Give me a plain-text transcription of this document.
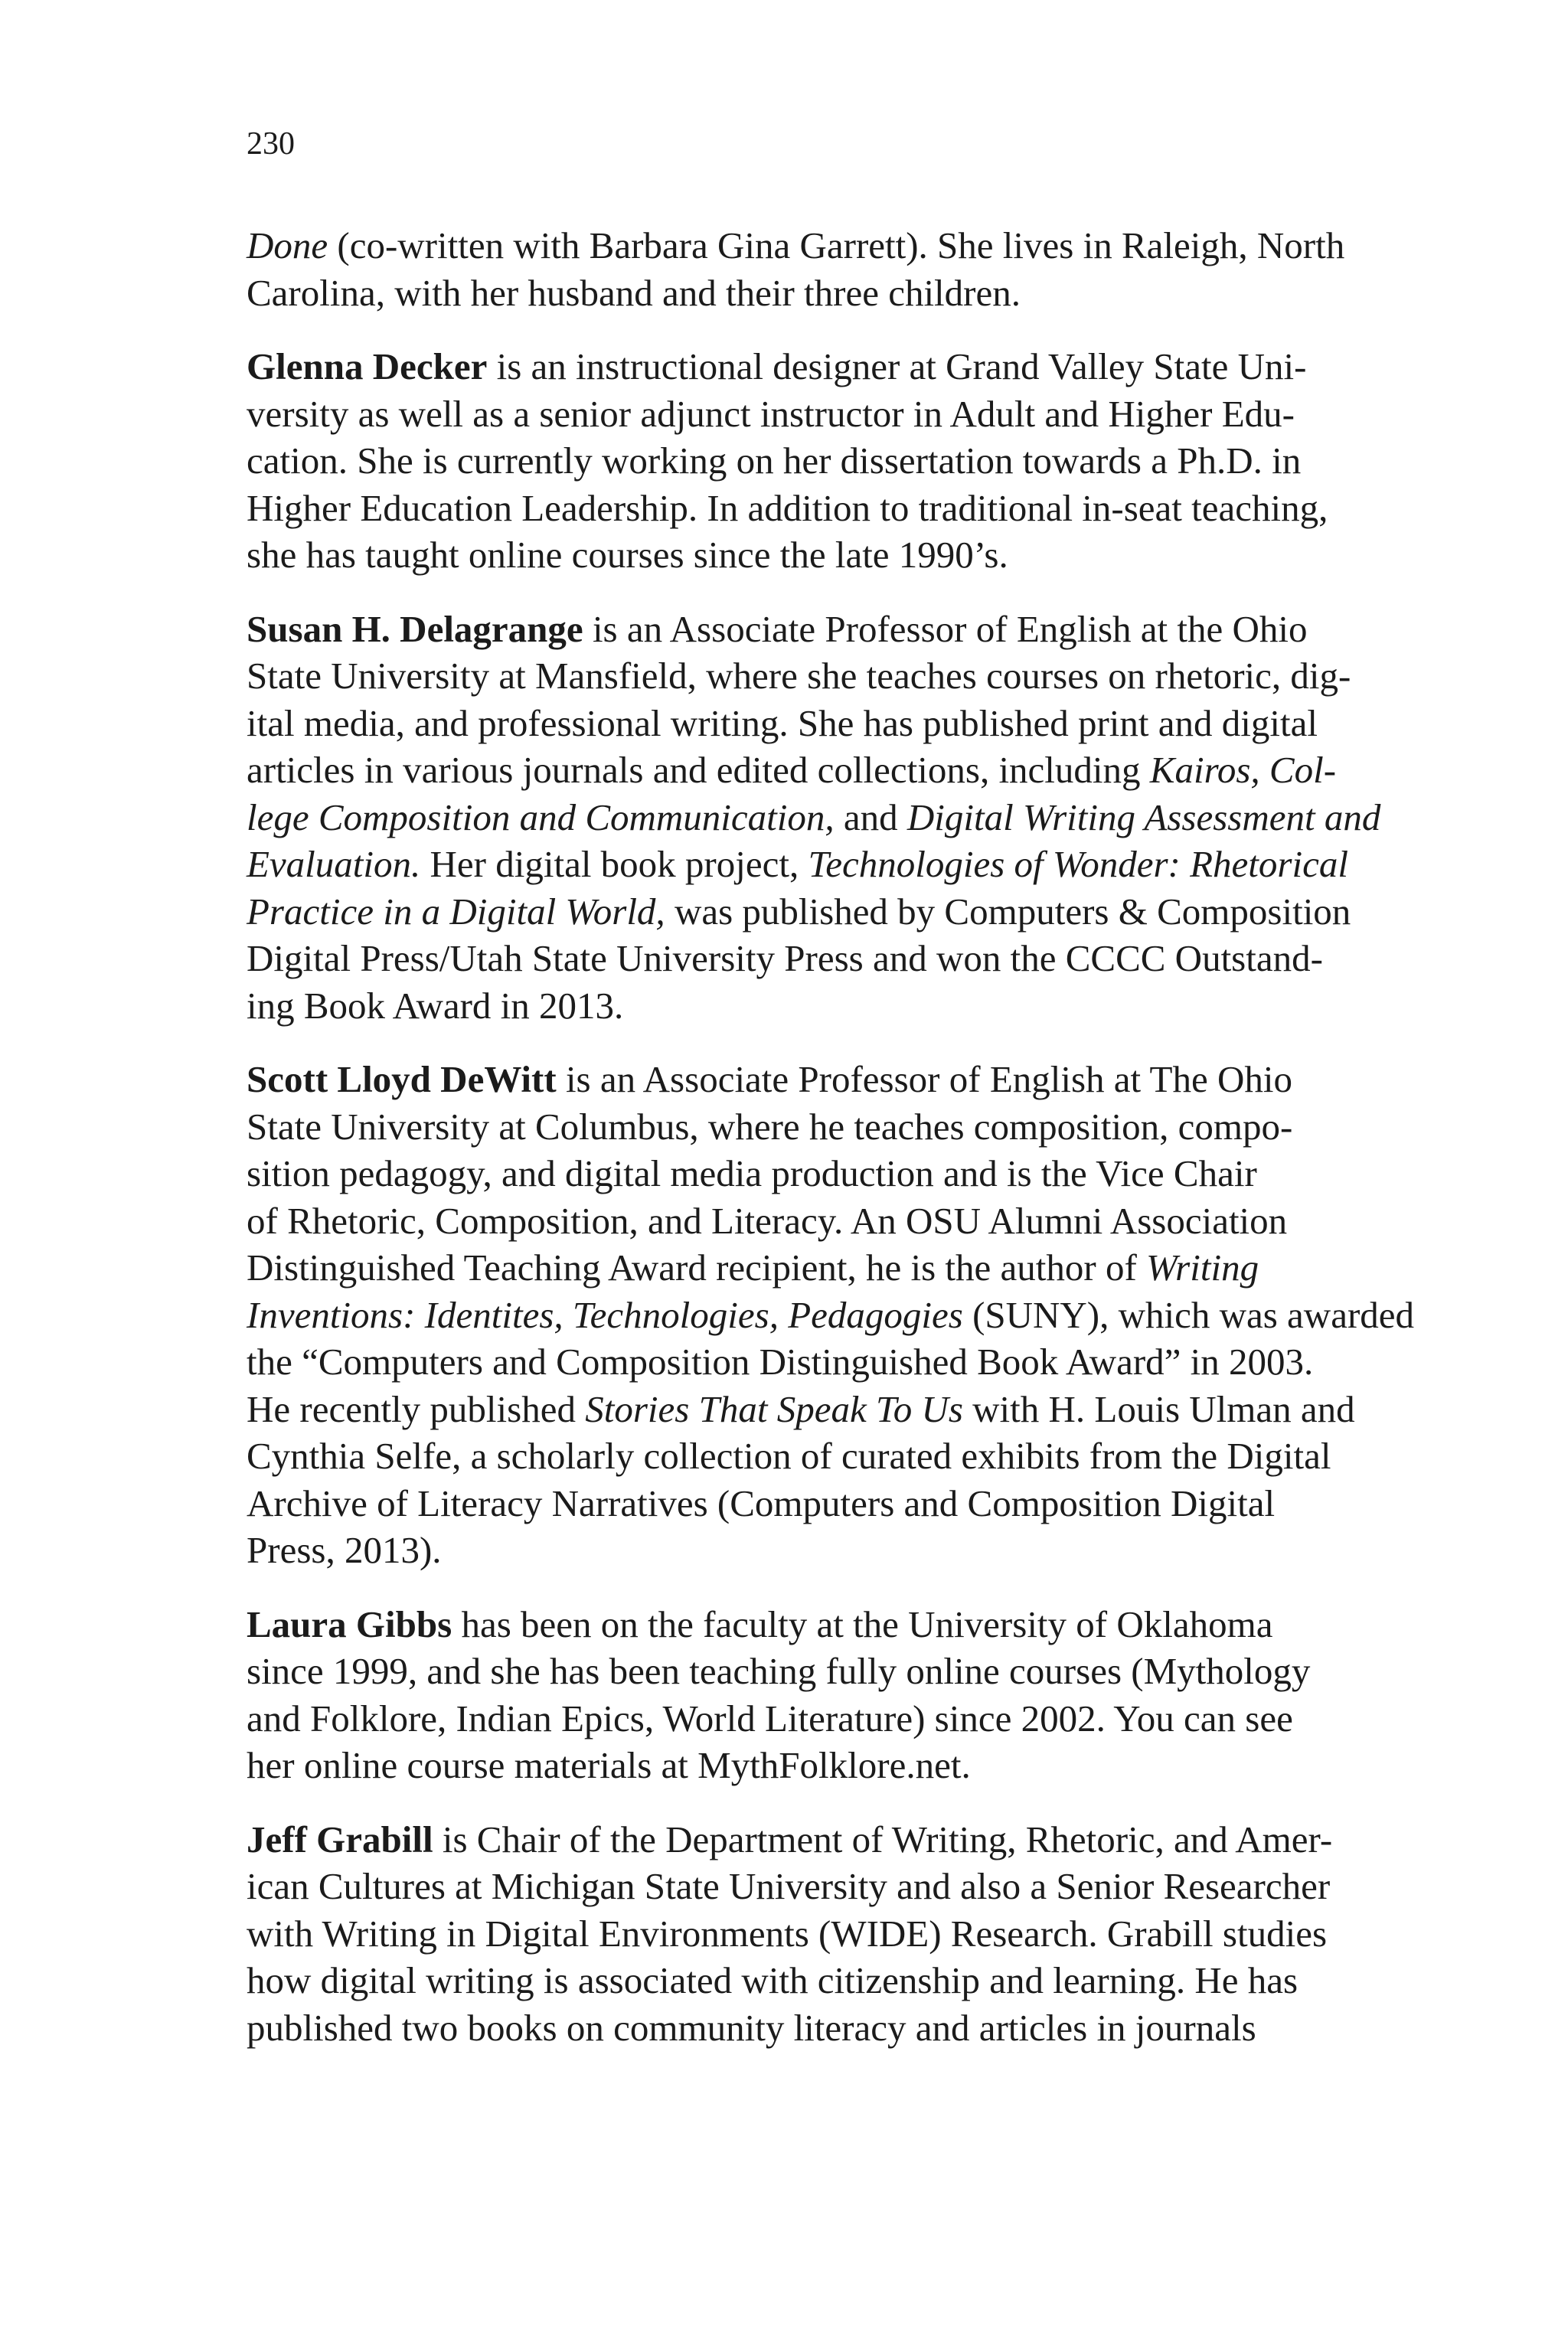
230
Done (co-written with Barbara Gina Garrett). She lives in Raleigh, North
Carolina, with her husband and their three children.
Glenna Decker is an instructional designer at Grand Valley State Uni-
versity as well as a senior adjunct instructor in Adult and Higher Edu-
cation. She is currently working on her dissertation towards a Ph.D. in
Higher Education Leadership. In addition to traditional in-seat teaching,
she has taught online courses since the late 1990’s.
Susan H. Delagrange is an Associate Professor of English at the Ohio
State University at Mansfield, where she teaches courses on rhetoric, dig-
ital media, and professional writing. She has published print and digital
articles in various journals and edited collections, including Kairos, Col-
lege Composition and Communication, and Digital Writing Assessment and
Evaluation. Her digital book project, Technologies of Wonder: Rhetorical
Practice in a Digital World, was published by Computers & Composition
Digital Press/Utah State University Press and won the CCCC Outstand-
ing Book Award in 2013.
Scott Lloyd DeWitt is an Associate Professor of English at The Ohio
State University at Columbus, where he teaches composition, compo-
sition pedagogy, and digital media production and is the Vice Chair
of Rhetoric, Composition, and Literacy. An OSU Alumni Association
Distinguished Teaching Award recipient, he is the author of Writing
Inventions: Identites, Technologies, Pedagogies (SUNY), which was awarded
the “Computers and Composition Distinguished Book Award” in 2003.
He recently published Stories That Speak To Us with H. Louis Ulman and
Cynthia Selfe, a scholarly collection of curated exhibits from the Digital
Archive of Literacy Narratives (Computers and Composition Digital
Press, 2013).
Laura Gibbs has been on the faculty at the University of Oklahoma
since 1999, and she has been teaching fully online courses (Mythology
and Folklore, Indian Epics, World Literature) since 2002. You can see
her online course materials at MythFolklore.net.
Jeff Grabill is Chair of the Department of Writing, Rhetoric, and Amer-
ican Cultures at Michigan State University and also a Senior Researcher
with Writing in Digital Environments (WIDE) Research. Grabill studies
how digital writing is associated with citizenship and learning. He has
published two books on community literacy and articles in journals
